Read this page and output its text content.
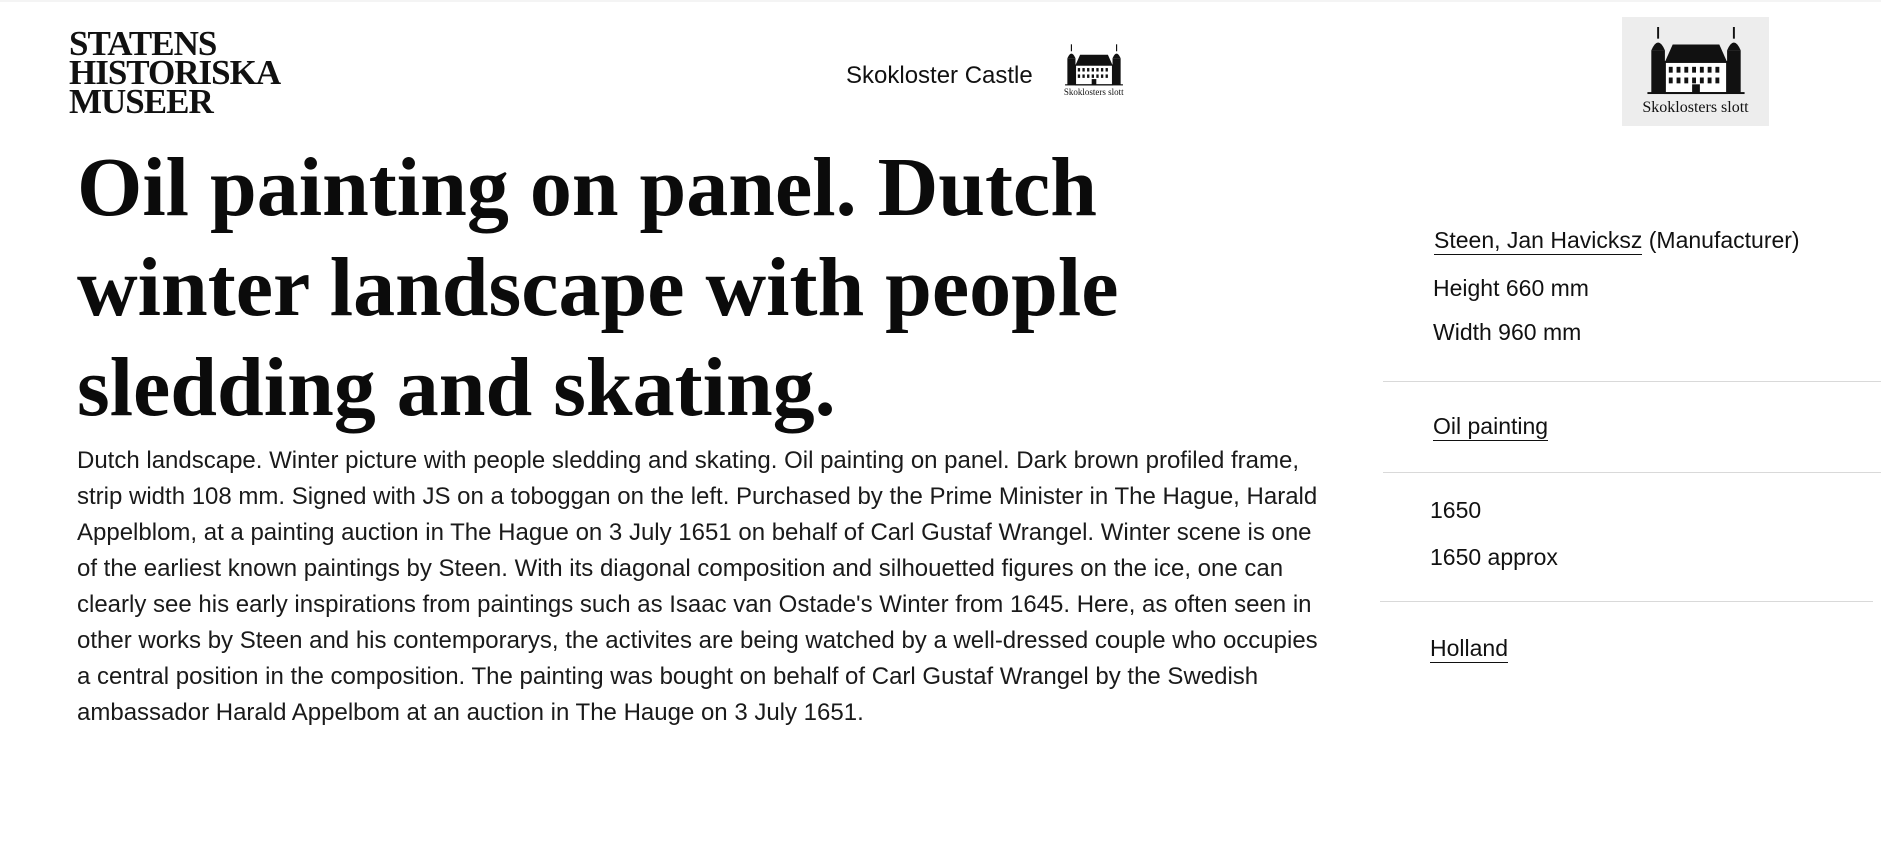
STATENS
HISTORISKA
MUSEER
Skokloster Castle
Skoklosters slott
Skoklosters slott
Oil painting on panel. Dutch winter landscape with people sledding and skating.

Dutch landscape. Winter picture with people sledding and skating. Oil painting on panel. Dark brown profiled frame, strip width 108 mm. Signed with JS on a toboggan on the left. Purchased by the Prime Minister in The Hague, Harald Appelblom, at a painting auction in The Hague on 3 July 1651 on behalf of Carl Gustaf Wrangel. Winter scene is one of the earliest known paintings by Steen. With its diagonal composition and silhouetted figures on the ice, one can clearly see his early inspirations from paintings such as Isaac van Ostade's Winter from 1645. Here, as often seen in other works by Steen and his contemporarys, the activites are being watched by a well-dressed couple who occupies a central position in the composition. The painting was bought on behalf of Carl Gustaf Wrangel by the Swedish ambassador Harald Appelbom at an auction in The Hauge on 3 July 1651.

Steen, Jan Havicksz (Manufacturer)
Height 660 mm
Width 960 mm
Oil painting
1650
1650 approx
Holland
